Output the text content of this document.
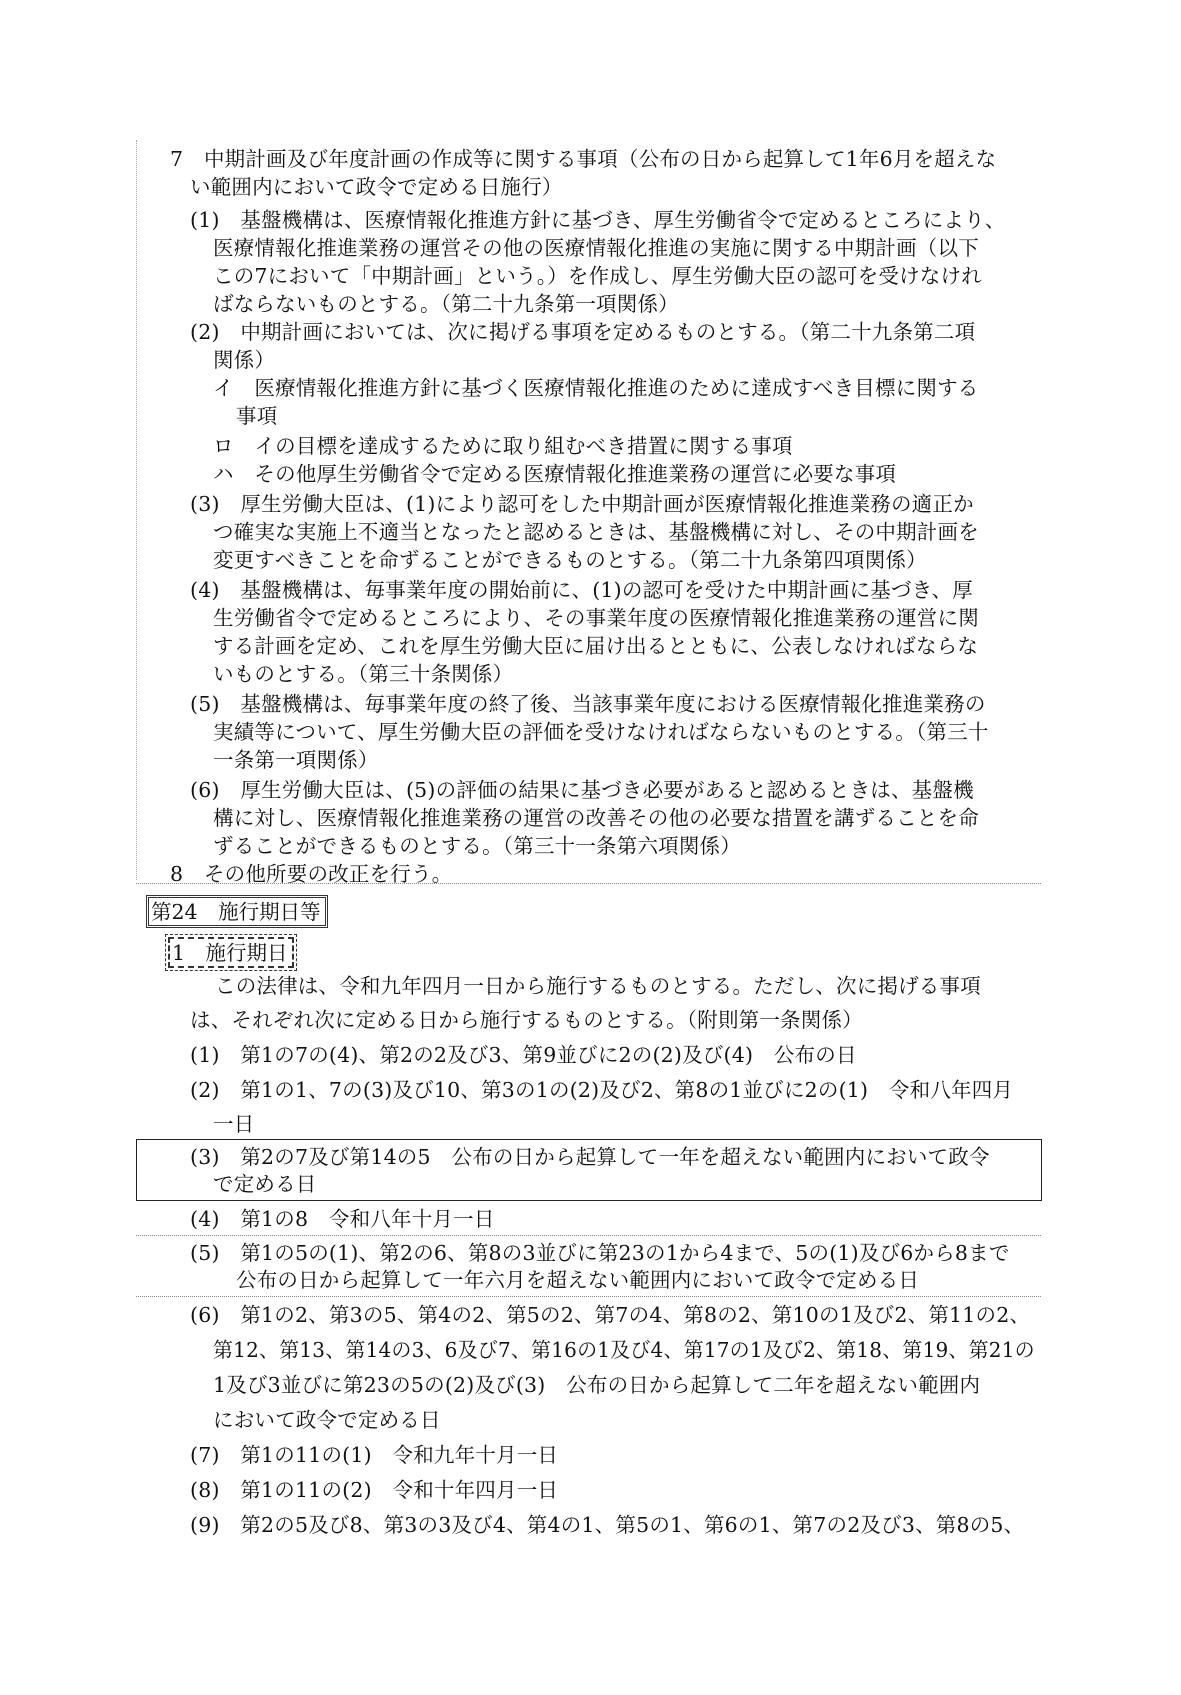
7　中期計画及び年度計画の作成等に関する事項（公布の日から起算して1年6月を超えな
い範囲内において政令で定める日施行）
(1)　基盤機構は、医療情報化推進方針に基づき、厚生労働省令で定めるところにより、
医療情報化推進業務の運営その他の医療情報化推進の実施に関する中期計画（以下
この7において「中期計画」という。）を作成し、厚生労働大臣の認可を受けなけれ
ばならないものとする。（第二十九条第一項関係）
(2)　中期計画においては、次に掲げる事項を定めるものとする。（第二十九条第二項
関係）
イ　医療情報化推進方針に基づく医療情報化推進のために達成すべき目標に関する
事項
ロ　イの目標を達成するために取り組むべき措置に関する事項
ハ　その他厚生労働省令で定める医療情報化推進業務の運営に必要な事項
(3)　厚生労働大臣は、(1)により認可をした中期計画が医療情報化推進業務の適正か
つ確実な実施上不適当となったと認めるときは、基盤機構に対し、その中期計画を
変更すべきことを命ずることができるものとする。（第二十九条第四項関係）
(4)　基盤機構は、毎事業年度の開始前に、(1)の認可を受けた中期計画に基づき、厚
生労働省令で定めるところにより、その事業年度の医療情報化推進業務の運営に関
する計画を定め、これを厚生労働大臣に届け出るとともに、公表しなければならな
いものとする。（第三十条関係）
(5)　基盤機構は、毎事業年度の終了後、当該事業年度における医療情報化推進業務の
実績等について、厚生労働大臣の評価を受けなければならないものとする。（第三十
一条第一項関係）
(6)　厚生労働大臣は、(5)の評価の結果に基づき必要があると認めるときは、基盤機
構に対し、医療情報化推進業務の運営の改善その他の必要な措置を講ずることを命
ずることができるものとする。（第三十一条第六項関係）
8　その他所要の改正を行う。
第24　施行期日等
1　施行期日
この法律は、令和九年四月一日から施行するものとする。ただし、次に掲げる事項
は、それぞれ次に定める日から施行するものとする。（附則第一条関係）
(1)　第1の7の(4)、第2の2及び3、第9並びに2の(2)及び(4)　公布の日
(2)　第1の1、7の(3)及び10、第3の1の(2)及び2、第8の1並びに2の(1)　令和八年四月
一日
(3)　第2の7及び第14の5　公布の日から起算して一年を超えない範囲内において政令
で定める日
(4)　第1の8　令和八年十月一日
(5)　第1の5の(1)、第2の6、第8の3並びに第23の1から4まで、5の(1)及び6から8まで
公布の日から起算して一年六月を超えない範囲内において政令で定める日
(6)　第1の2、第3の5、第4の2、第5の2、第7の4、第8の2、第10の1及び2、第11の2、
第12、第13、第14の3、6及び7、第16の1及び4、第17の1及び2、第18、第19、第21の
1及び3並びに第23の5の(2)及び(3)　公布の日から起算して二年を超えない範囲内
において政令で定める日
(7)　第1の11の(1)　令和九年十月一日
(8)　第1の11の(2)　令和十年四月一日
(9)　第2の5及び8、第3の3及び4、第4の1、第5の1、第6の1、第7の2及び3、第8の5、
